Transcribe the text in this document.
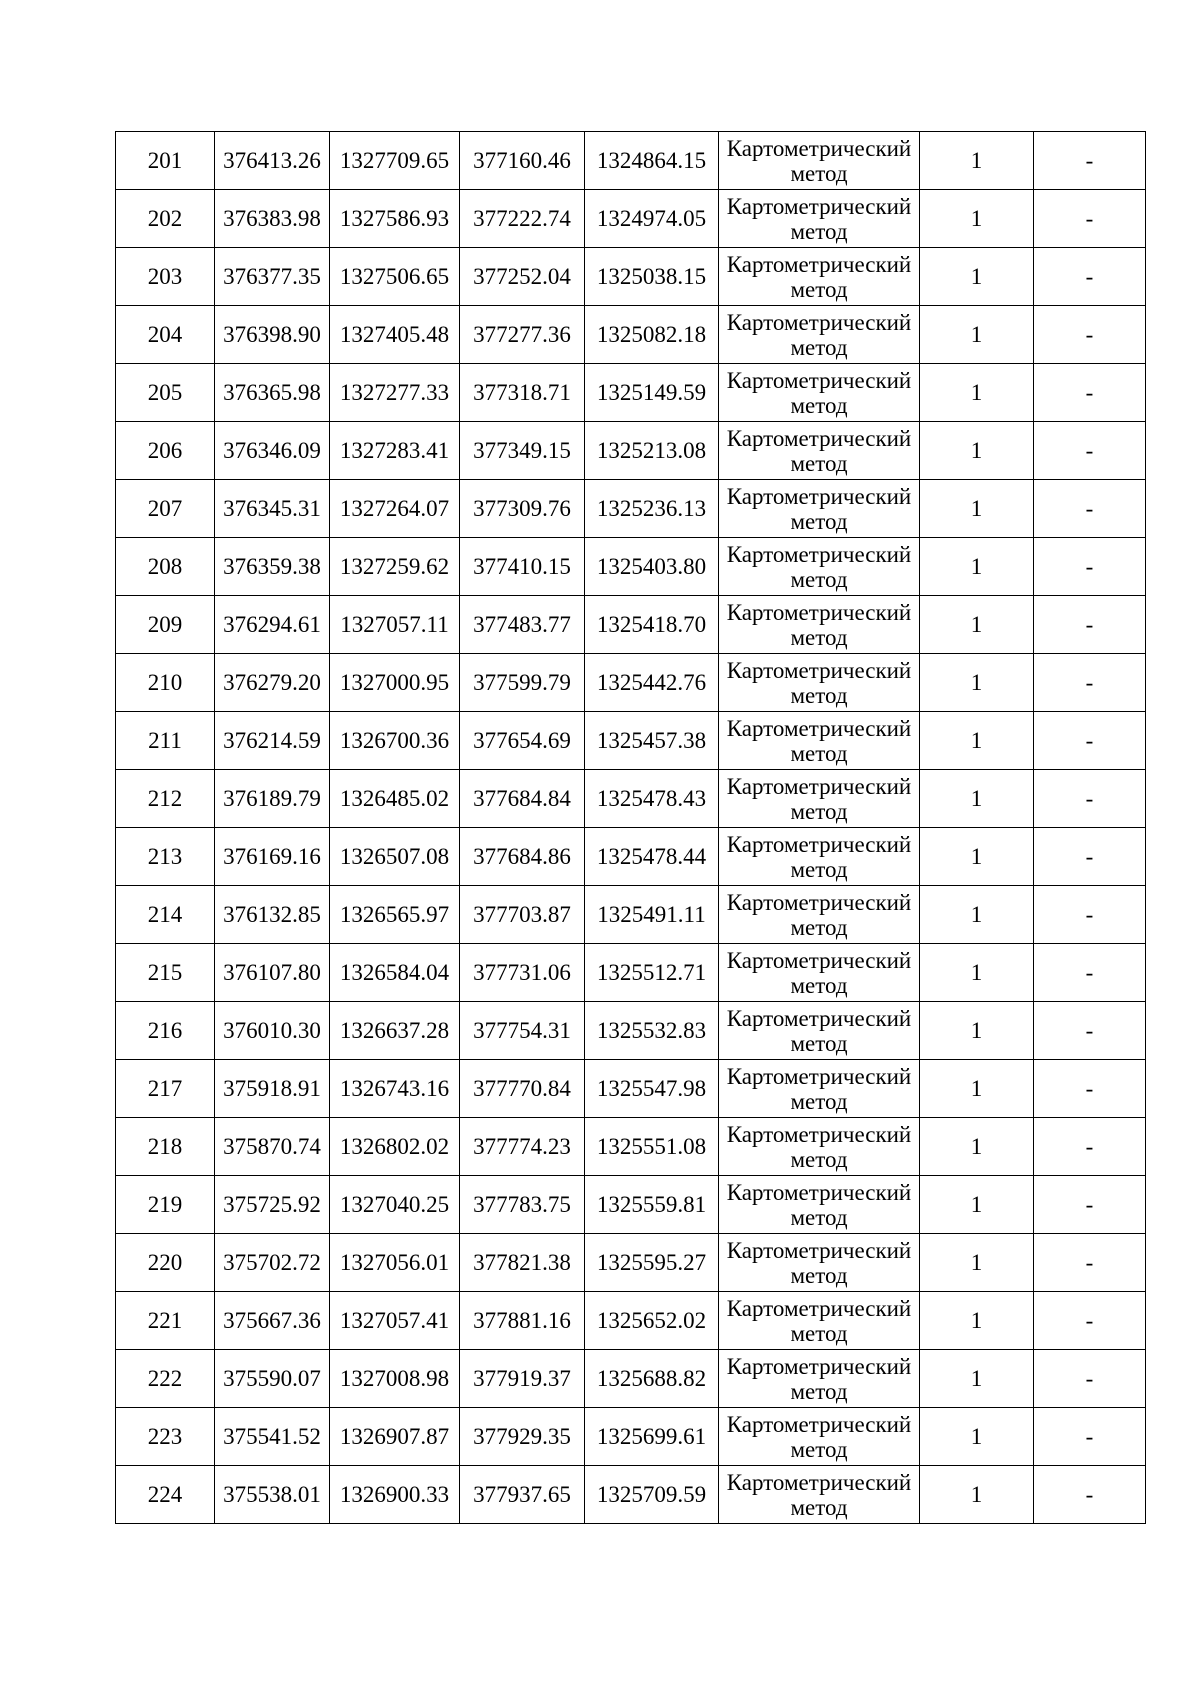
201	376413.26	1327709.65	377160.46	1324864.15	Картометрический
метод	1	-
202	376383.98	1327586.93	377222.74	1324974.05	Картометрический
метод	1	-
203	376377.35	1327506.65	377252.04	1325038.15	Картометрический
метод	1	-
204	376398.90	1327405.48	377277.36	1325082.18	Картометрический
метод	1	-
205	376365.98	1327277.33	377318.71	1325149.59	Картометрический
метод	1	-
206	376346.09	1327283.41	377349.15	1325213.08	Картометрический
метод	1	-
207	376345.31	1327264.07	377309.76	1325236.13	Картометрический
метод	1	-
208	376359.38	1327259.62	377410.15	1325403.80	Картометрический
метод	1	-
209	376294.61	1327057.11	377483.77	1325418.70	Картометрический
метод	1	-
210	376279.20	1327000.95	377599.79	1325442.76	Картометрический
метод	1	-
211	376214.59	1326700.36	377654.69	1325457.38	Картометрический
метод	1	-
212	376189.79	1326485.02	377684.84	1325478.43	Картометрический
метод	1	-
213	376169.16	1326507.08	377684.86	1325478.44	Картометрический
метод	1	-
214	376132.85	1326565.97	377703.87	1325491.11	Картометрический
метод	1	-
215	376107.80	1326584.04	377731.06	1325512.71	Картометрический
метод	1	-
216	376010.30	1326637.28	377754.31	1325532.83	Картометрический
метод	1	-
217	375918.91	1326743.16	377770.84	1325547.98	Картометрический
метод	1	-
218	375870.74	1326802.02	377774.23	1325551.08	Картометрический
метод	1	-
219	375725.92	1327040.25	377783.75	1325559.81	Картометрический
метод	1	-
220	375702.72	1327056.01	377821.38	1325595.27	Картометрический
метод	1	-
221	375667.36	1327057.41	377881.16	1325652.02	Картометрический
метод	1	-
222	375590.07	1327008.98	377919.37	1325688.82	Картометрический
метод	1	-
223	375541.52	1326907.87	377929.35	1325699.61	Картометрический
метод	1	-
224	375538.01	1326900.33	377937.65	1325709.59	Картометрический
метод	1	-
